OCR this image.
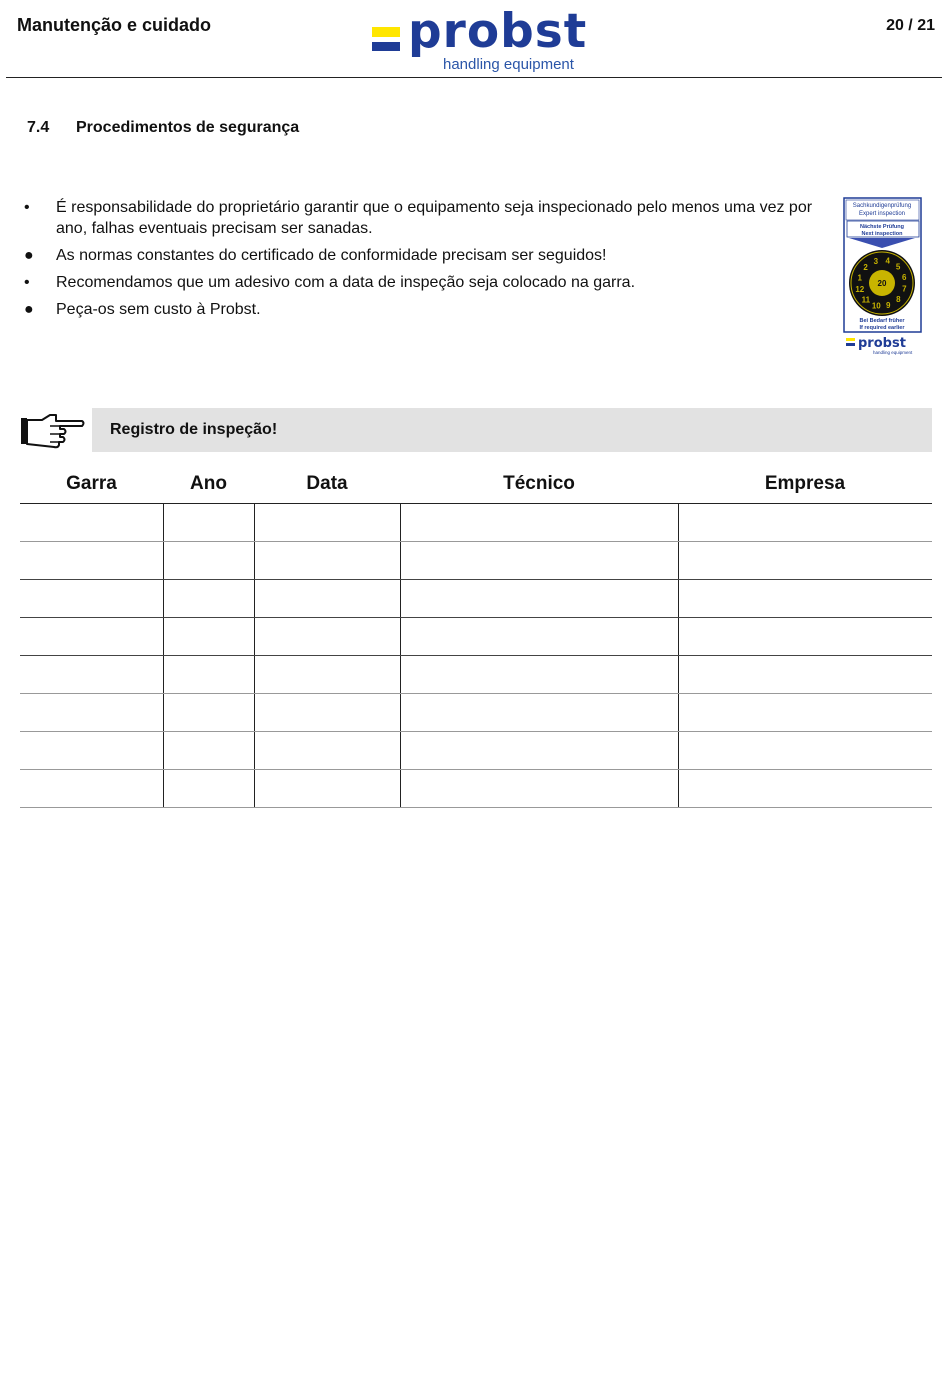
Manutenção e cuidado	probst
handling equipment
20 / 21
7.4 Procedimentos de segurança
• É responsabilidade do proprietário garantir que o equipamento seja inspecionado pelo menos uma vez por ano, falhas eventuais precisam ser sanadas.
● As normas constantes do certificado de conformidade precisam ser seguidos!
• Recomendamos que um adesivo com a data de inspeção seja colocado na garra.
● Peça-os sem custo à Probst.
Sachkundigenprüfung
Expert inspection
Nächste Prüfung
Next inspection
20
1
2
3 4
5
6
7
8
9
10
11
12
Bei Bedarf früher
If required earlier
probst
handling equipment
Registro de inspeção!
Garra	Ano	Data	Técnico	Empresa
